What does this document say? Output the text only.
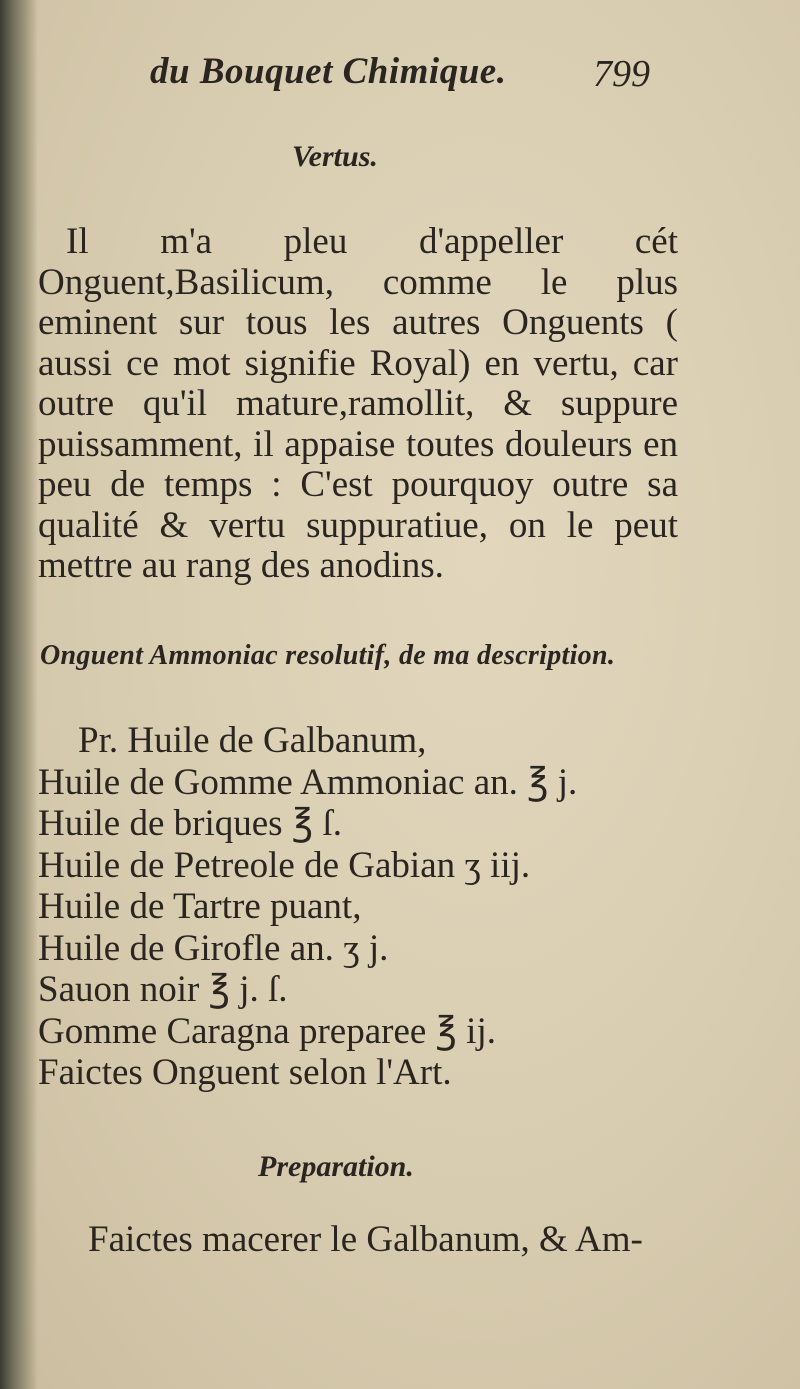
du Bouquet Chimique. 799
Vertus.

Il m'a pleu d'appeller cét Onguent,Basilicum, comme le plus eminent sur tous les autres Onguents ( aussi ce mot signifie Royal) en vertu, car outre qu'il mature,ramollit, & suppure puissamment, il appaise toutes douleurs en peu de temps : C'est pourquoy outre sa qualité & vertu suppuratiue, on le peut mettre au rang des anodins.

Onguent Ammoniac resolutif, de ma description.
Pr. Huile de Galbanum,
Huile de Gomme Ammoniac an. ℥ j.
Huile de briques ℥ ſ.
Huile de Petreole de Gabian ʒ iij.
Huile de Tartre puant,
Huile de Girofle an. ʒ j.
Sauon noir ℥ j. ſ.
Gomme Caragna preparee ℥ ij.
Faictes Onguent selon l'Art.
Preparation.

Faictes macerer le Galbanum, & Am-
